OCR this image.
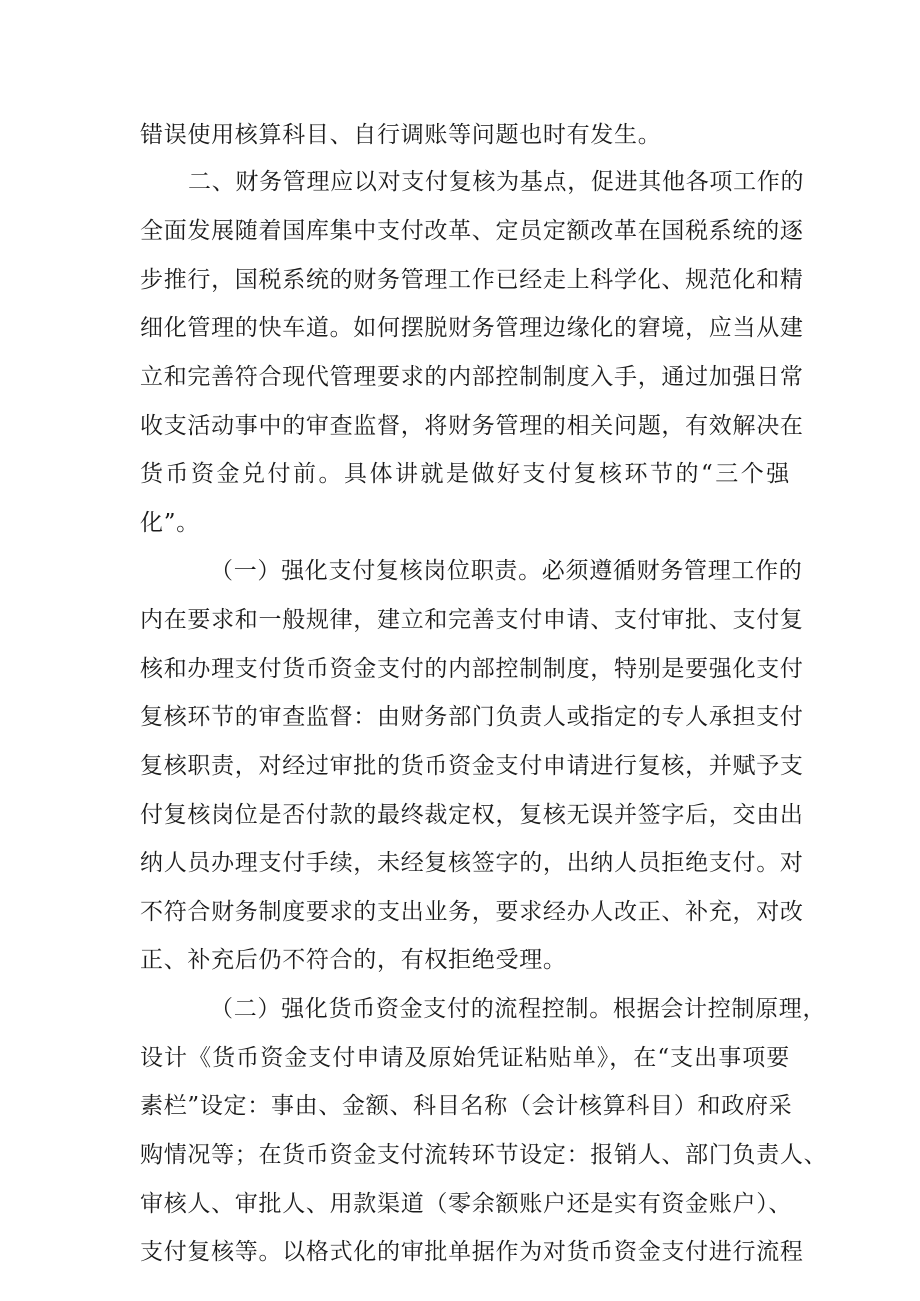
错误使用核算科目、自行调账等问题也时有发生。
二、财务管理应以对支付复核为基点，促进其他各项工作的
全面发展随着国库集中支付改革、定员定额改革在国税系统的逐
步推行，国税系统的财务管理工作已经走上科学化、规范化和精
细化管理的快车道。如何摆脱财务管理边缘化的窘境，应当从建
立和完善符合现代管理要求的内部控制制度入手，通过加强日常
收支活动事中的审查监督，将财务管理的相关问题，有效解决在
货币资金兑付前。具体讲就是做好支付复核环节的“三个强
化”。
（一）强化支付复核岗位职责。必须遵循财务管理工作的
内在要求和一般规律，建立和完善支付申请、支付审批、支付复
核和办理支付货币资金支付的内部控制制度，特别是要强化支付
复核环节的审查监督：由财务部门负责人或指定的专人承担支付
复核职责，对经过审批的货币资金支付申请进行复核，并赋予支
付复核岗位是否付款的最终裁定权，复核无误并签字后，交由出
纳人员办理支付手续，未经复核签字的，出纳人员拒绝支付。对
不符合财务制度要求的支出业务，要求经办人改正、补充，对改
正、补充后仍不符合的，有权拒绝受理。
（二）强化货币资金支付的流程控制。根据会计控制原理，
设计《货币资金支付申请及原始凭证粘贴单》，在“支出事项要
素栏”设定：事由、金额、科目名称（会计核算科目）和政府采
购情况等；在货币资金支付流转环节设定：报销人、部门负责人、
审核人、审批人、用款渠道（零余额账户还是实有资金账户）、
支付复核等。以格式化的审批单据作为对货币资金支付进行流程
